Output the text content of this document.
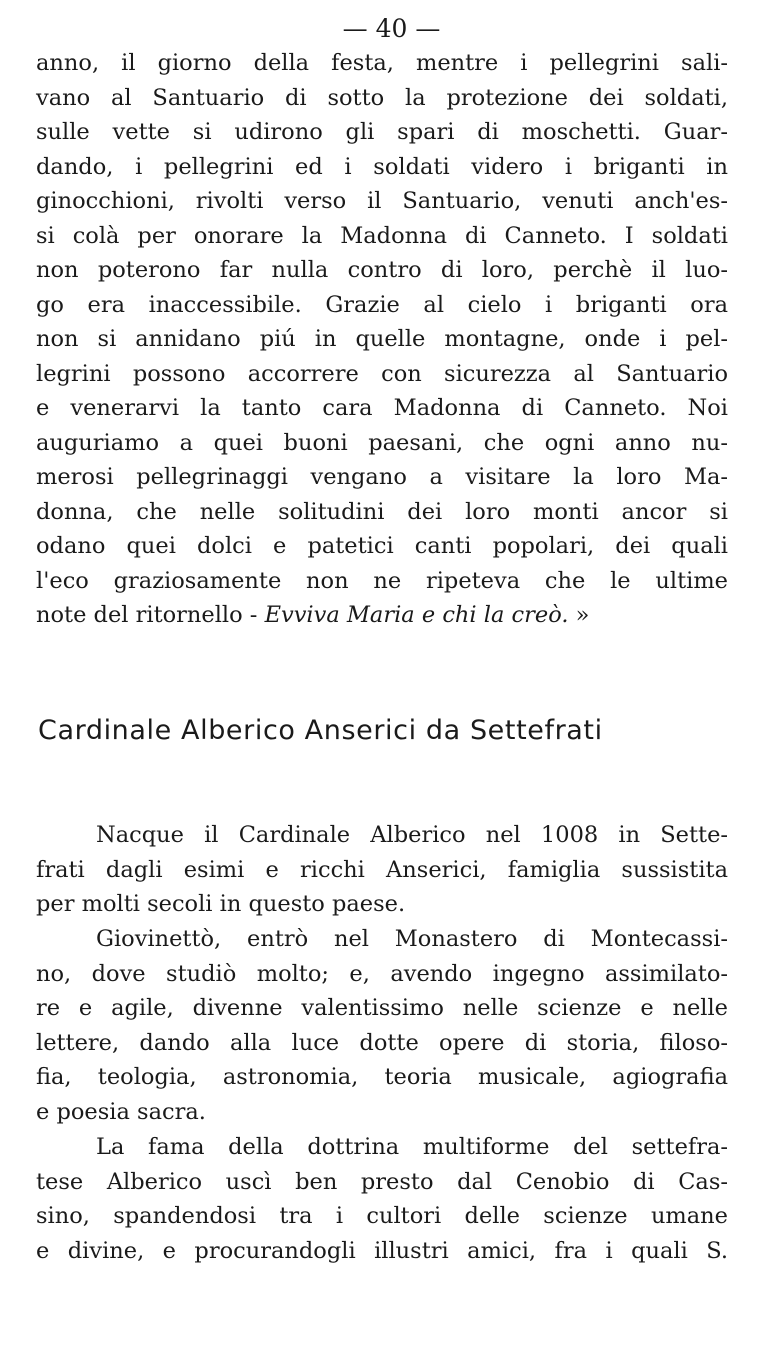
— 40 —
anno, il giorno della festa, mentre i pellegrini sali-
vano al Santuario di sotto la protezione dei soldati,
sulle vette si udirono gli spari di moschetti. Guar-
dando, i pellegrini ed i soldati videro i briganti in
ginocchioni, rivolti verso il Santuario, venuti anch'es-
si colà per onorare la Madonna di Canneto. I soldati
non poterono far nulla contro di loro, perchè il luo-
go era inaccessibile. Grazie al cielo i briganti ora
non si annidano piú in quelle montagne, onde i pel-
legrini possono accorrere con sicurezza al Santuario
e venerarvi la tanto cara Madonna di Canneto. Noi
auguriamo a quei buoni paesani, che ogni anno nu-
merosi pellegrinaggi vengano a visitare la loro Ma-
donna, che nelle solitudini dei loro monti ancor si
odano quei dolci e patetici canti popolari, dei quali
l'eco graziosamente non ne ripeteva che le ultime
note del ritornello - Evviva Maria e chi la creò. »
Cardinale Alberico Anserici da Settefrati
Nacque il Cardinale Alberico nel 1008 in Sette-
frati dagli esimi e ricchi Anserici, famiglia sussistita
per molti secoli in questo paese.
Giovinettò, entrò nel Monastero di Montecassi-
no, dove studiò molto; e, avendo ingegno assimilato-
re e agile, divenne valentissimo nelle scienze e nelle
lettere, dando alla luce dotte opere di storia, filoso-
fia, teologia, astronomia, teoria musicale, agiografia
e poesia sacra.
La fama della dottrina multiforme del settefra-
tese Alberico uscì ben presto dal Cenobio di Cas-
sino, spandendosi tra i cultori delle scienze umane
e divine, e procurandogli illustri amici, fra i quali S.
